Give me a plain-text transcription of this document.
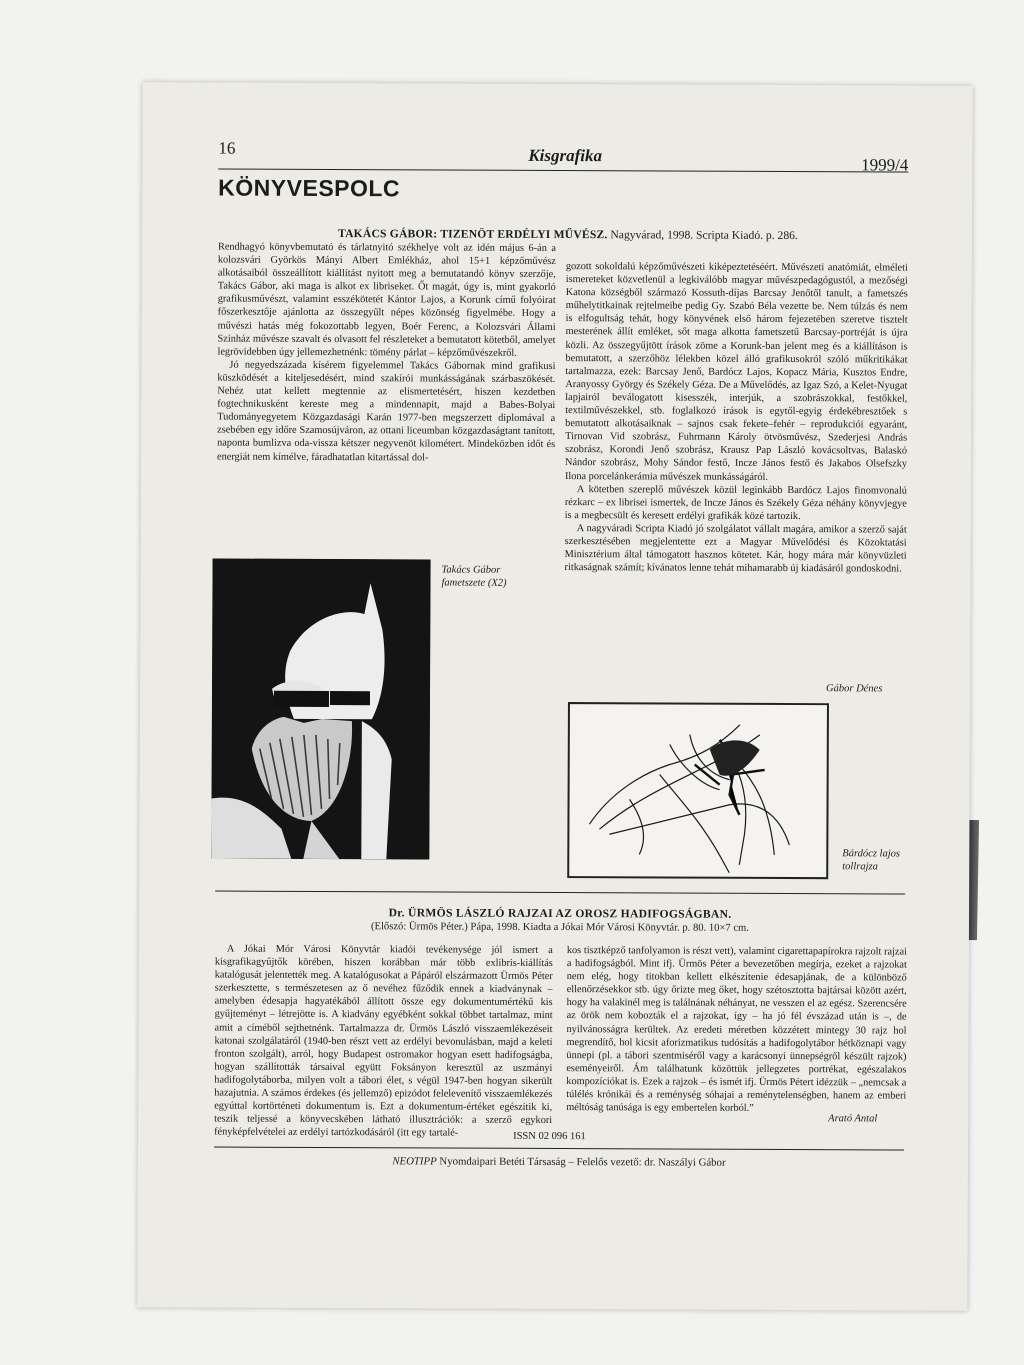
16	Kisgrafika	1999/4
KÖNYVESPOLC
TAKÁCS GÁBOR: TIZENÖT ERDÉLYI MŰVÉSZ. Nagyvárad, 1998. Scripta Kiadó. p. 286.

Rendhagyó könyvbemutató és tárlatnyitó székhelye volt az idén május 6-án a kolozsvári Györkös Mányi Albert Emlékház, ahol 15+1 képzőművész alkotásaiból összeállított kiállítást nyitott meg a bemutatandó könyv szerzője, Takács Gábor, aki maga is alkot ex libriseket. Őt magát, úgy is, mint gyakorló grafikusművészt, valamint esszékötetét Kántor Lajos, a Korunk című folyóirat főszerkesztője ajánlotta az összegyűlt népes közönség figyelmébe. Hogy a művészi hatás még fokozottabb legyen, Boér Ferenc, a Kolozsvári Állami Színház művésze szavalt és olvasott fel részleteket a bemutatott kötetből, amelyet legrövidebben úgy jellemezhetnénk: tömény párlat – képzőművészekről.

Jó negyedszázada kísérem figyelemmel Takács Gábornak mind grafikusi küszködését a kiteljesedésért, mind szakírói munkásságának szárbaszökését. Nehéz utat kellett megtennie az elismertetésért, hiszen kezdetben fogtechnikusként kereste meg a mindennapit, majd a Babes-Bolyai Tudományegyetem Közgazdasági Karán 1977-ben megszerzett diplomával a zsebében egy időre Szamosújváron, az ottani liceumban közgazdaságtant tanított, naponta bumlizva oda-vissza kétszer negyvenöt kilométert. Mindeközben időt és energiát nem kímélve, fáradhatatlan kitartással dol-

gozott sokoldalú képzőművészeti kiképeztetéséért. Művészeti anatómiát, elméleti ismereteket közvetlenül a legkiválóbb magyar művészpedagógustól, a mezőségi Katona községből származó Kossuth-díjas Barcsay Jenőtől tanult, a fametszés műhelytitkainak rejtelmeibe pedig Gy. Szabó Béla vezette be. Nem túlzás és nem is elfogultság tehát, hogy könyvének első három fejezetében szeretve tisztelt mesterének állít emléket, sőt maga alkotta fametszetű Barcsay-portréját is újra közli. Az összegyűjtött írások zöme a Korunk-ban jelent meg és a kiállításon is bemutatott, a szerzőhöz lélekben közel álló grafikusokról szóló műkritikákat tartalmazza, ezek: Barcsay Jenő, Bardócz Lajos, Kopacz Mária, Kusztos Endre, Aranyossy György és Székely Géza. De a Művelődés, az Igaz Szó, a Kelet-Nyugat lapjairól beválogatott kisesszék, interjúk, a szobrászokkal, festőkkel, textilművészekkel, stb. foglalkozó írások is egytől-egyig érdekébresztőek s bemutatott alkotásaiknak – sajnos csak fekete–fehér – reprodukciói egyaránt, Tirnovan Vid szobrász, Fuhrmann Károly ötvösművész, Szederjesi András szobrász, Korondi Jenő szobrász, Krausz Pap László kovácsoltvas, Balaskó Nándor szobrász, Mohy Sándor festő, Incze János festő és Jakabos Olsefszky Ilona porcelánkerámia művészek munkásságáról.

A kötetben szereplő művészek közül leginkább Bardócz Lajos finomvonalú rézkarc – ex librisei ismertek, de Incze János és Székely Géza néhány könyvjegye is a megbecsült és keresett erdélyi grafikák közé tartozik.

A nagyváradi Scripta Kiadó jó szolgálatot vállalt magára, amikor a szerző saját szerkesztésében megjelentette ezt a Magyar Művelődési és Közoktatási Minisztérium által támogatott hasznos kötetet. Kár, hogy mára már könyvüzleti ritkaságnak számít; kívánatos lenne tehát mihamarabb új kiadásáról gondoskodni.

Takács Gábor fametszete (X2)
Gábor Dénes
Bárdócz lajos tollrajza
Dr. ÜRMÖS LÁSZLÓ RAJZAI AZ OROSZ HADIFOGSÁGBAN.
(Előszó: Ürmös Péter.) Pápa, 1998. Kiadta a Jókai Mór Városi Könyvtár. p. 80. 10×7 cm.

A Jókai Mór Városi Könyvtár kiadói tevékenysége jól ismert a kisgrafikagyűjtők körében, hiszen korábban már több exlibris-kiállítás katalógusát jelentették meg. A katalógusokat a Pápáról elszármazott Ürmös Péter szerkesztette, s természetesen az ő nevéhez fűződik ennek a kiadványnak – amelyben édesapja hagyatékából állított össze egy dokumentumértékű kis gyűjteményt – létrejötte is. A kiadvány egyébként sokkal többet tartalmaz, mint amit a címéből sejthetnénk. Tartalmazza dr. Ürmös László visszaemlékezéseit katonai szolgálatáról (1940-ben részt vett az erdélyi bevonulásban, majd a keleti fronton szolgált), arról, hogy Budapest ostromakor hogyan esett hadifogságba, hogyan szállították társaival együtt Foksányon keresztül az uszmányi hadifogolytáborba, milyen volt a tábori élet, s végül 1947-ben hogyan sikerült hazajutnia. A számos érdekes (és jellemző) epizódot felelevenítő visszaemlékezés egyúttal kortörténeti dokumentum is. Ezt a dokumentum-értéket egészítik ki, teszik teljessé a könyvecskében látható illusztrációk: a szerző egykori fényképfelvételei az erdélyi tartózkodásáról (itt egy tartalé-

kos tisztképző tanfolyamon is részt vett), valamint cigarettapapírokra rajzolt rajzai a hadifogságból. Mint ifj. Ürmös Péter a bevezetőben megírja, ezeket a rajzokat nem elég, hogy titokban kellett elkészítenie édesapjának, de a különböző ellenőrzésekkor stb. úgy őrizte meg őket, hogy szétosztotta bajtársai között azért, hogy ha valakinél meg is találnának néhányat, ne vesszen el az egész. Szerencsére az örök nem kobozták el a rajzokat, így – ha jó fél évszázad után is –, de nyilvánosságra kerültek. Az eredeti méretben közzétett mintegy 30 rajz hol megrendítő, hol kicsit aforizmatikus tudósítás a hadifogolytábor hétköznapi vagy ünnepi (pl. a tábori szentmiséről vagy a karácsonyi ünnepségről készült rajzok) eseményeiről. Ám találhatunk közöttük jellegzetes portrékat, egészalakos kompozíciókat is. Ezek a rajzok – és ismét ifj. Ürmös Pétert idézzük – „nemcsak a túlélés krónikái és a reménység sóhajai a reménytelenségben, hanem az emberi méltóság tanúsága is egy embertelen korból.”

Arató Antal
ISSN 02 096 161
NEOTIPP Nyomdaipari Betéti Társaság – Felelős vezető: dr. Naszályi Gábor
